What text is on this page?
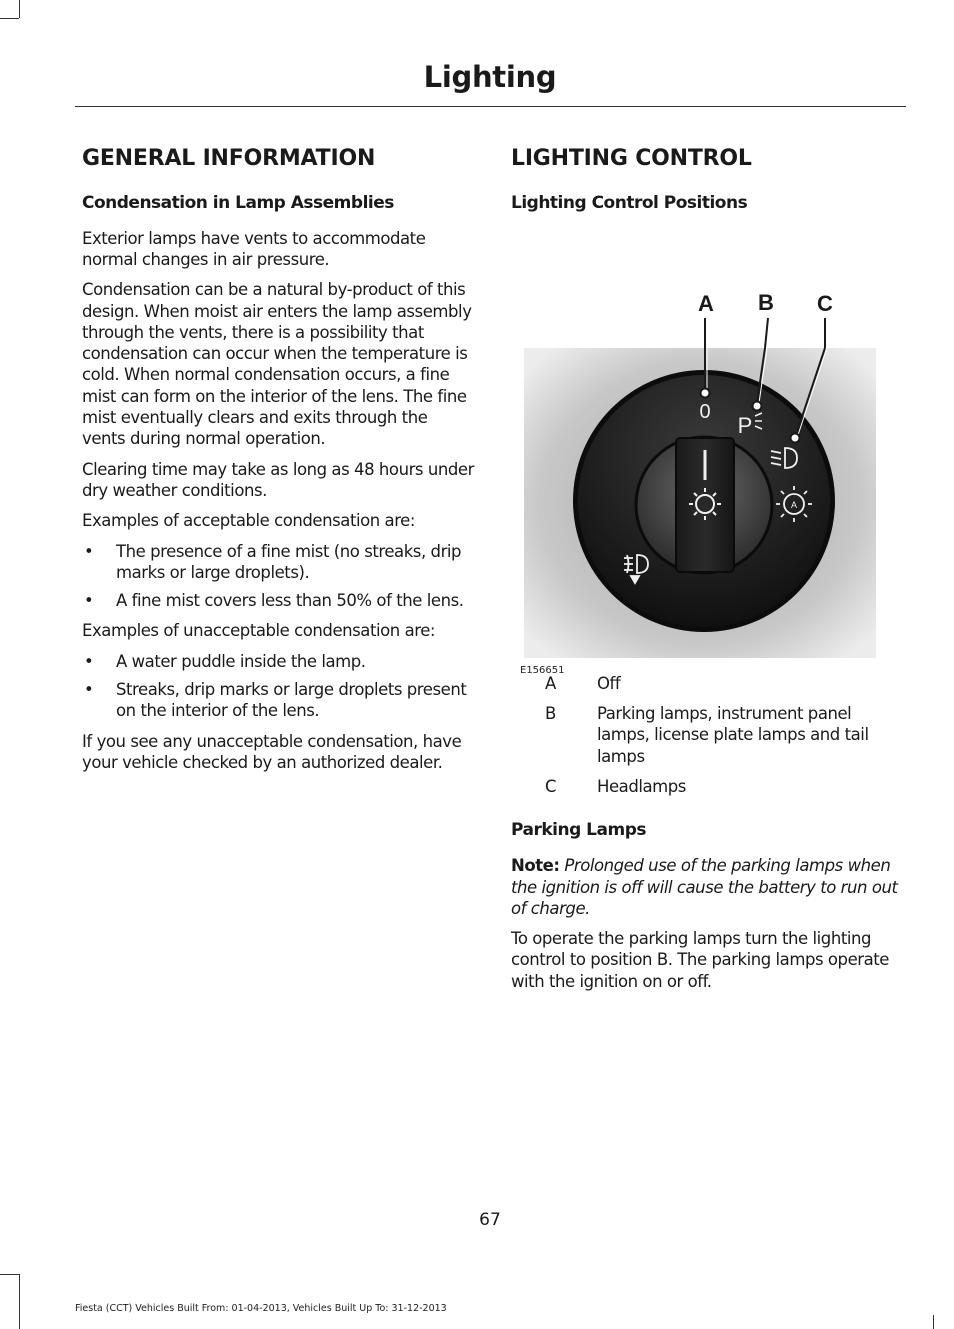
Lighting
GENERAL INFORMATION
Condensation in Lamp Assemblies

Exterior lamps have vents to accommodate normal changes in air pressure.

Condensation can be a natural by-product of this design. When moist air enters the lamp assembly through the vents, there is a possibility that condensation can occur when the temperature is cold. When normal condensation occurs, a fine mist can form on the interior of the lens. The fine mist eventually clears and exits through the vents during normal operation.

Clearing time may take as long as 48 hours under dry weather conditions.

Examples of acceptable condensation are:

• The presence of a fine mist (no streaks, drip marks or large droplets).
• A fine mist covers less than 50% of the lens.

Examples of unacceptable condensation are:

• A water puddle inside the lamp.
• Streaks, drip marks or large droplets present on the interior of the lens.

If you see any unacceptable condensation, have your vehicle checked by an authorized dealer.

LIGHTING CONTROL
Lighting Control Positions
0
P
A
A B C
E156651
A	Off
B	Parking lamps, instrument panel lamps, license plate lamps and tail lamps
C	Headlamps
Parking Lamps

Note: Prolonged use of the parking lamps when the ignition is off will cause the battery to run out of charge.

To operate the parking lamps turn the lighting control to position B. The parking lamps operate with the ignition on or off.

67
Fiesta (CCT) Vehicles Built From: 01-04-2013, Vehicles Built Up To: 31-12-2013
